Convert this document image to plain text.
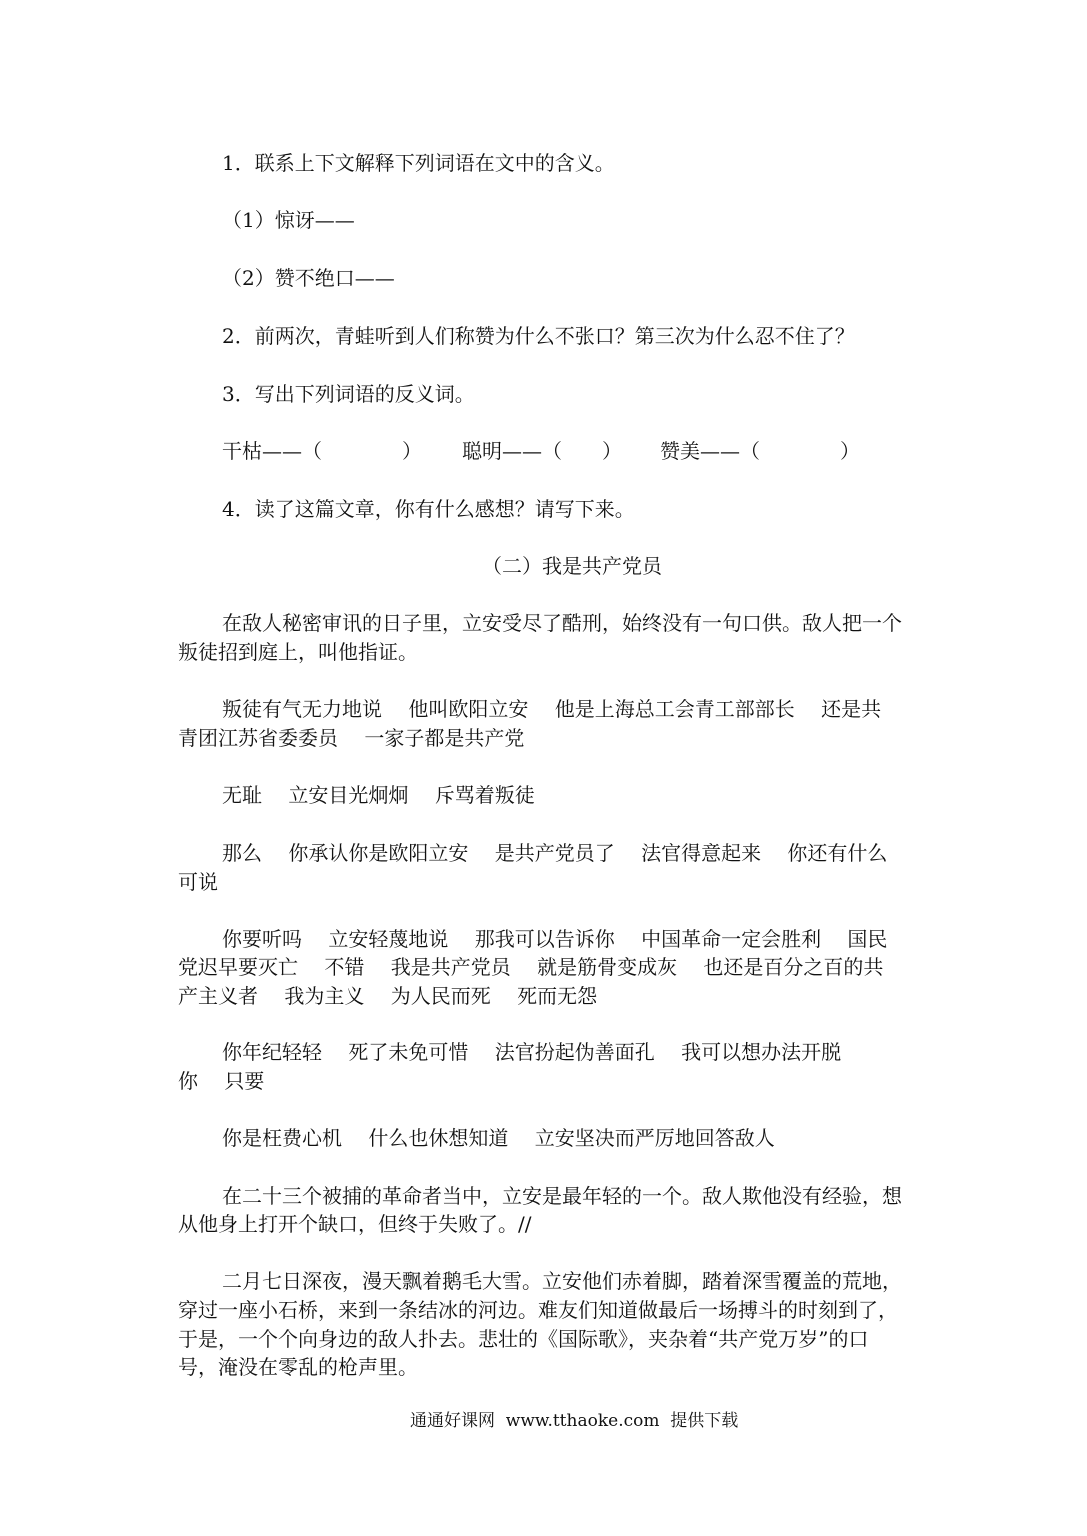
1．联系上下文解释下列词语在文中的含义。

（1）惊讶——

（2）赞不绝口——

2．前两次，青蛙听到人们称赞为什么不张口？第三次为什么忍不住了？

3．写出下列词语的反义词。

干枯——（　　　　） 聪明——（　　） 赞美——（　　　　）

4．读了这篇文章，你有什么感想？请写下来。

（二）我是共产党员

在敌人秘密审讯的日子里，立安受尽了酷刑，始终没有一句口供。敌人把一个

叛徒招到庭上，叫他指证。

叛徒有气无力地说　 他叫欧阳立安　 他是上海总工会青工部部长　 还是共

青团江苏省委委员　 一家子都是共产党

无耻　 立安目光炯炯　 斥骂着叛徒

那么　 你承认你是欧阳立安　 是共产党员了　 法官得意起来　 你还有什么

可说

你要听吗　 立安轻蔑地说　 那我可以告诉你　 中国革命一定会胜利　 国民

党迟早要灭亡　 不错　 我是共产党员　 就是筋骨变成灰　 也还是百分之百的共

产主义者　 我为主义　 为人民而死　 死而无怨

你年纪轻轻　 死了未免可惜　 法官扮起伪善面孔　 我可以想办法开脱

你　 只要

你是枉费心机　 什么也休想知道　 立安坚决而严厉地回答敌人

在二十三个被捕的革命者当中，立安是最年轻的一个。敌人欺他没有经验，想

从他身上打开个缺口，但终于失败了。//

二月七日深夜，漫天飘着鹅毛大雪。立安他们赤着脚，踏着深雪覆盖的荒地，

穿过一座小石桥，来到一条结冰的河边。难友们知道做最后一场搏斗的时刻到了，

于是，一个个向身边的敌人扑去。悲壮的《国际歌》，夹杂着“共产党万岁”的口

号，淹没在零乱的枪声里。

通通好课网  www.tthaoke.com  提供下载
